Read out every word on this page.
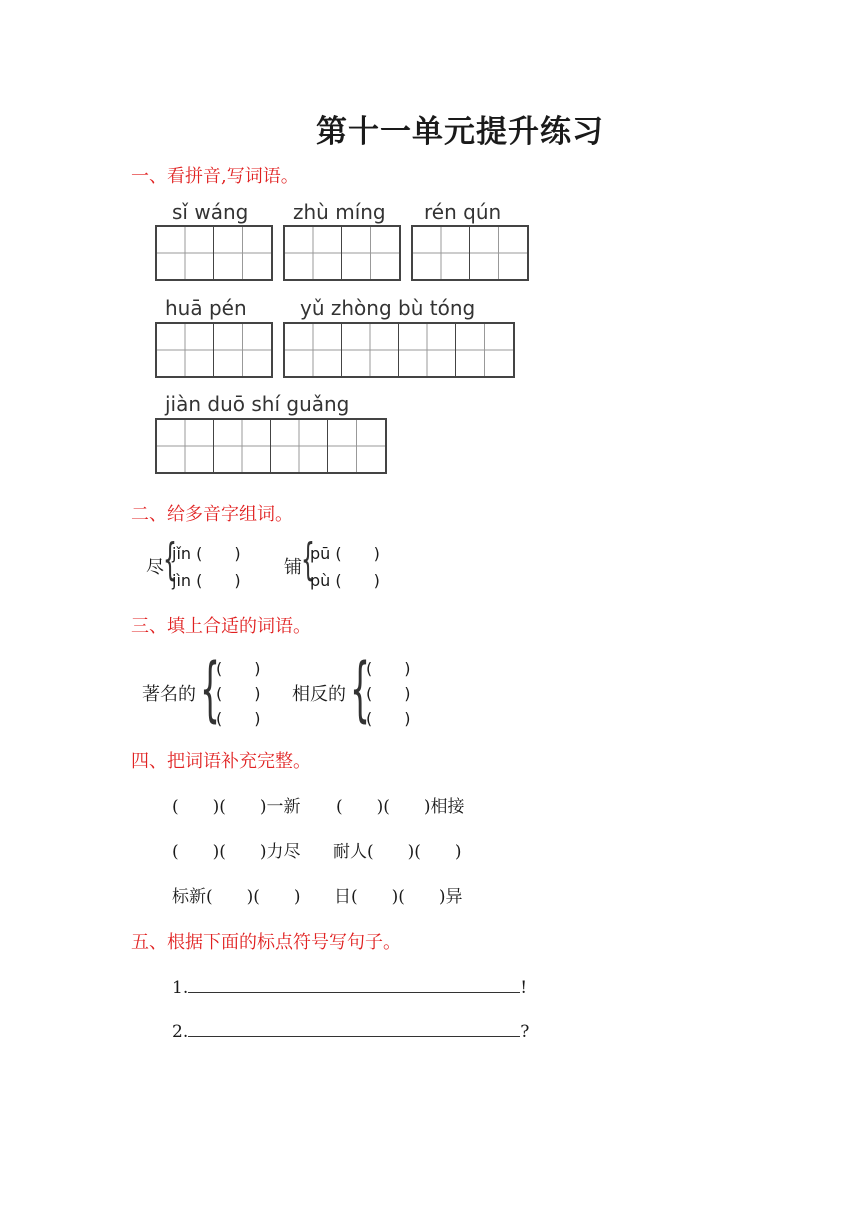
第十一单元提升练习
一、看拼音,写词语。
sǐ wáng zhù míng rén qún
huā pén	yǔ zhòng bù tóng
jiàn duō shí guǎng
二、给多音字组词。
尽 {
jǐn (　　)
jìn (　　)
铺 {
pū (　　)
pù (　　)
三、填上合适的词语。
著名的 {
(　　)
(　　)
(　　)
相反的 {
(　　)
(　　)
(　　)
四、把词语补充完整。
(　　)(　　)一新 (　　)(　　)相接
(　　)(　　)力尽 耐人(　　)(　　)
标新(　　)(　　) 日(　　)(　　)异
五、根据下面的标点符号写句子。
1.	!
2.	?
